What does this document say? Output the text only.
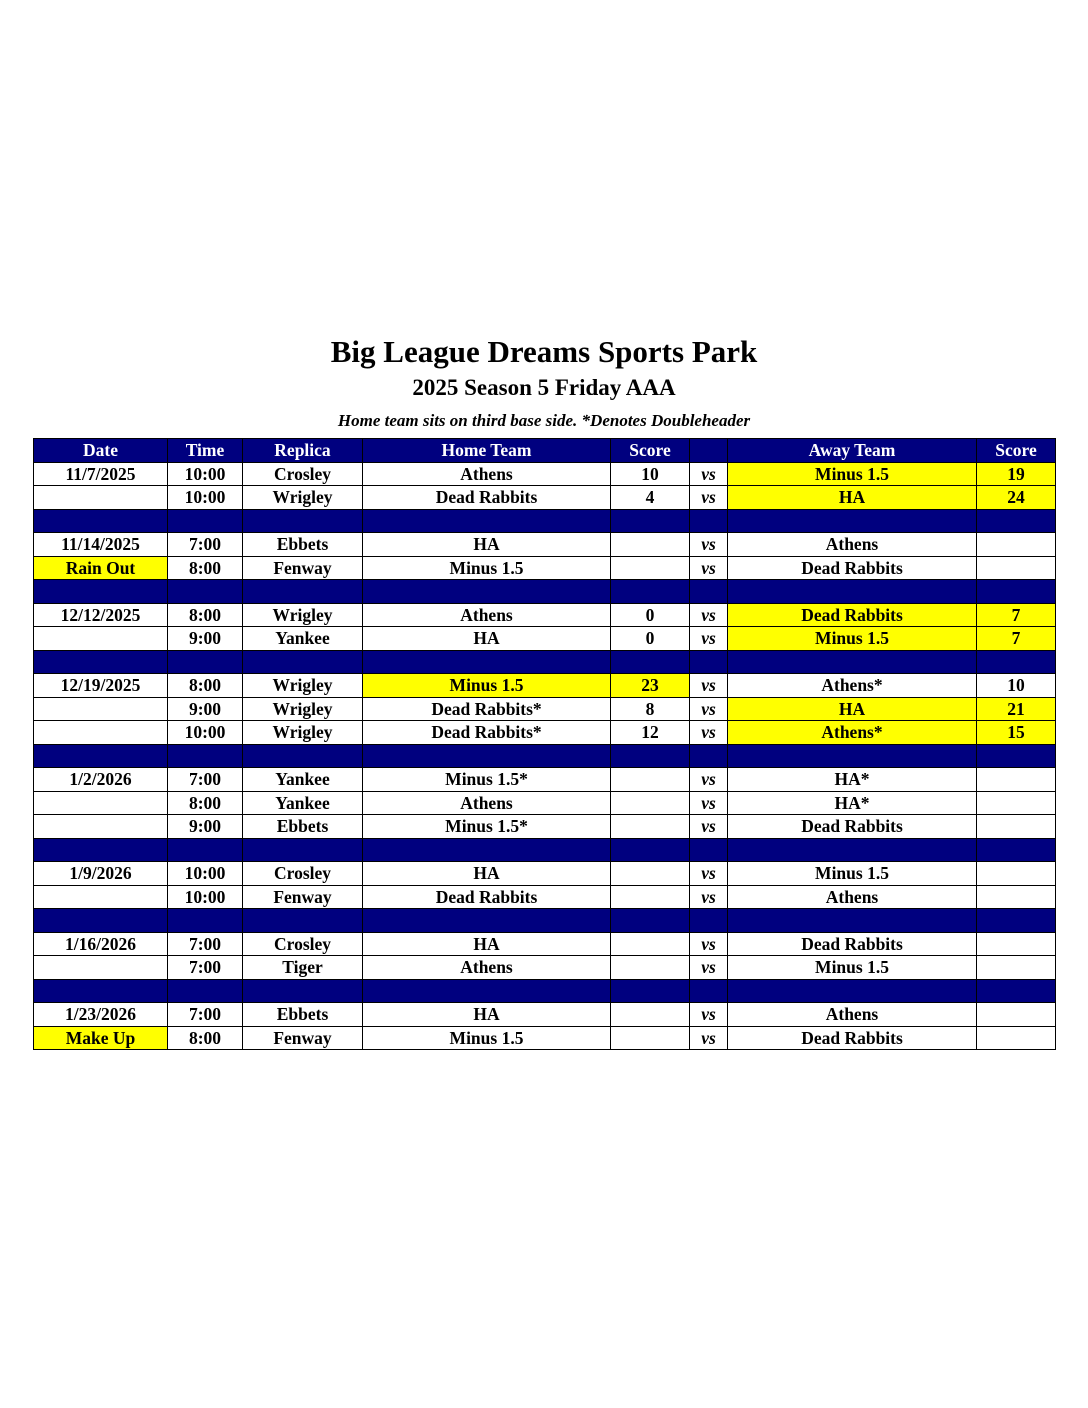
Big League Dreams Sports Park
2025 Season 5 Friday AAA
Home team sits on third base side. *Denotes Doubleheader
Date	Time	Replica	Home Team	Score		Away Team	Score
11/7/2025	10:00	Crosley	Athens	10	vs	Minus 1.5	19
	10:00	Wrigley	Dead Rabbits	4	vs	HA	24

11/14/2025	7:00	Ebbets	HA		vs	Athens	
Rain Out	8:00	Fenway	Minus 1.5		vs	Dead Rabbits	

12/12/2025	8:00	Wrigley	Athens	0	vs	Dead Rabbits	7
	9:00	Yankee	HA	0	vs	Minus 1.5	7

12/19/2025	8:00	Wrigley	Minus 1.5	23	vs	Athens*	10
	9:00	Wrigley	Dead Rabbits*	8	vs	HA	21
	10:00	Wrigley	Dead Rabbits*	12	vs	Athens*	15

1/2/2026	7:00	Yankee	Minus 1.5*		vs	HA*	
	8:00	Yankee	Athens		vs	HA*	
	9:00	Ebbets	Minus 1.5*		vs	Dead Rabbits	

1/9/2026	10:00	Crosley	HA		vs	Minus 1.5	
	10:00	Fenway	Dead Rabbits		vs	Athens	

1/16/2026	7:00	Crosley	HA		vs	Dead Rabbits	
	7:00	Tiger	Athens		vs	Minus 1.5	

1/23/2026	7:00	Ebbets	HA		vs	Athens	
Make Up	8:00	Fenway	Minus 1.5		vs	Dead Rabbits	
